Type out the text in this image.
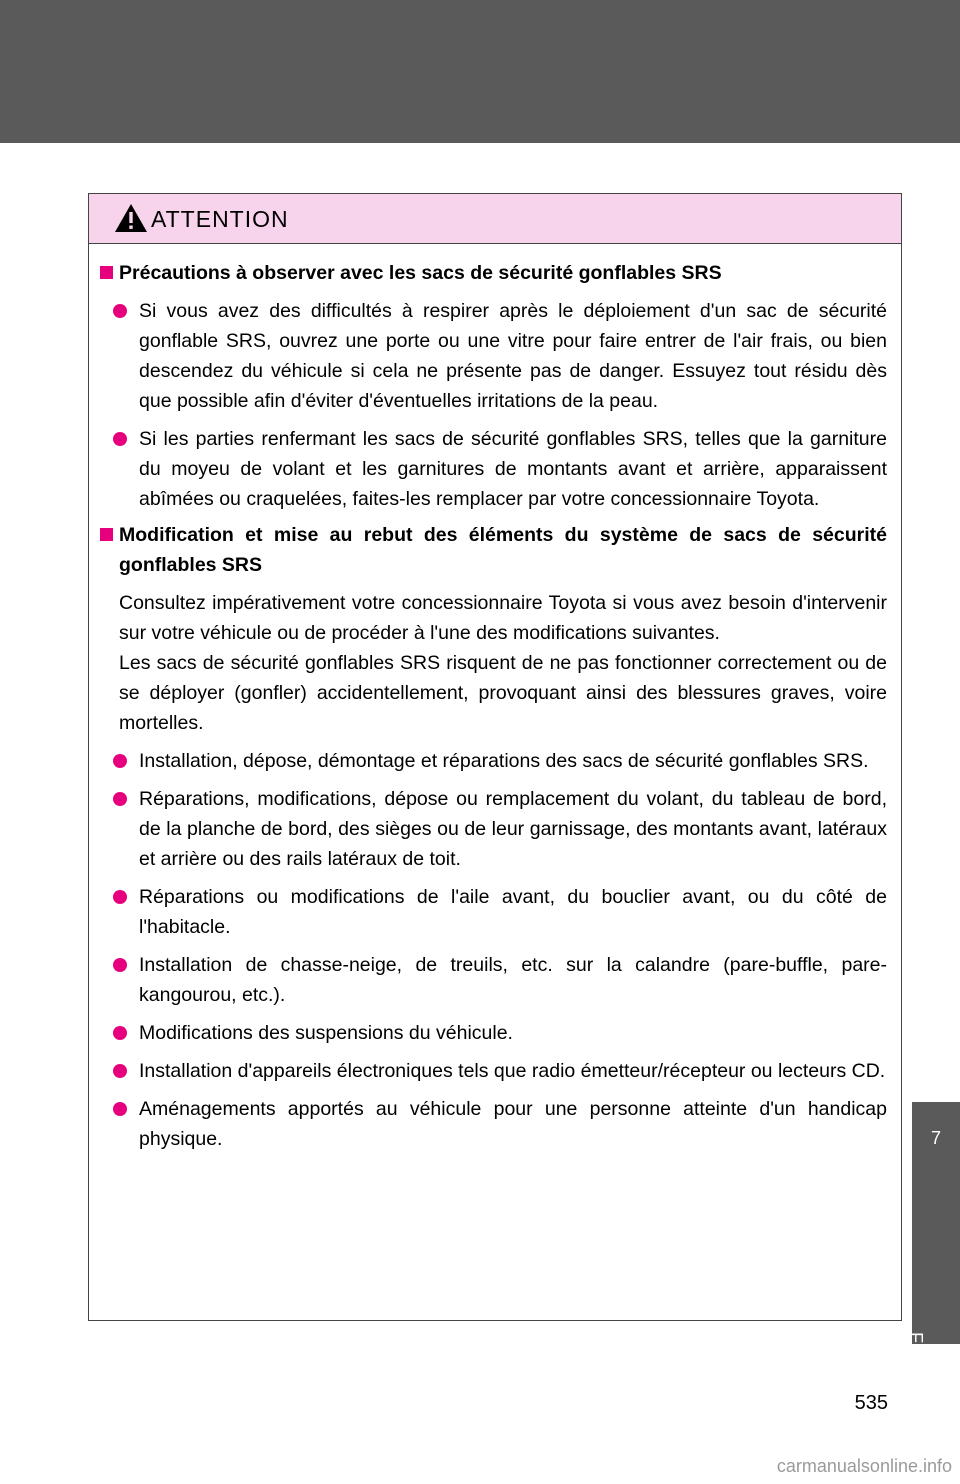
ATTENTION
Précautions à observer avec les sacs de sécurité gonflables SRS
Si vous avez des difficultés à respirer après le déploiement d'un sac de sécurité gonflable SRS, ouvrez une porte ou une vitre pour faire entrer de l'air frais, ou bien descendez du véhicule si cela ne présente pas de danger. Essuyez tout résidu dès que possible afin d'éviter d'éventuelles irritations de la peau.
Si les parties renfermant les sacs de sécurité gonflables SRS, telles que la garniture du moyeu de volant et les garnitures de montants avant et arrière, apparaissent abîmées ou craquelées, faites-les remplacer par votre concessionnaire Toyota.
Modification et mise au rebut des éléments du système de sacs de sécurité gonflables SRS
Consultez impérativement votre concessionnaire Toyota si vous avez besoin d'intervenir sur votre véhicule ou de procéder à l'une des modifications suivantes.
Les sacs de sécurité gonflables SRS risquent de ne pas fonctionner correctement ou de se déployer (gonfler) accidentellement, provoquant ainsi des blessures graves, voire mortelles.
Installation, dépose, démontage et réparations des sacs de sécurité gonflables SRS.
Réparations, modifications, dépose ou remplacement du volant, du tableau de bord, de la planche de bord, des sièges ou de leur garnissage, des montants avant, latéraux et arrière ou des rails latéraux de toit.
Réparations ou modifications de l'aile avant, du bouclier avant, ou du côté de l'habitacle.
Installation de chasse-neige, de treuils, etc. sur la calandre (pare-buffle, pare-kangourou, etc.).
Modifications des suspensions du véhicule.
Installation d'appareils électroniques tels que radio émetteur/récepteur ou lecteurs CD.
Aménagements apportés au véhicule pour une personne atteinte d'un handicap physique.	7
For owners
535
carmanualsonline.info
